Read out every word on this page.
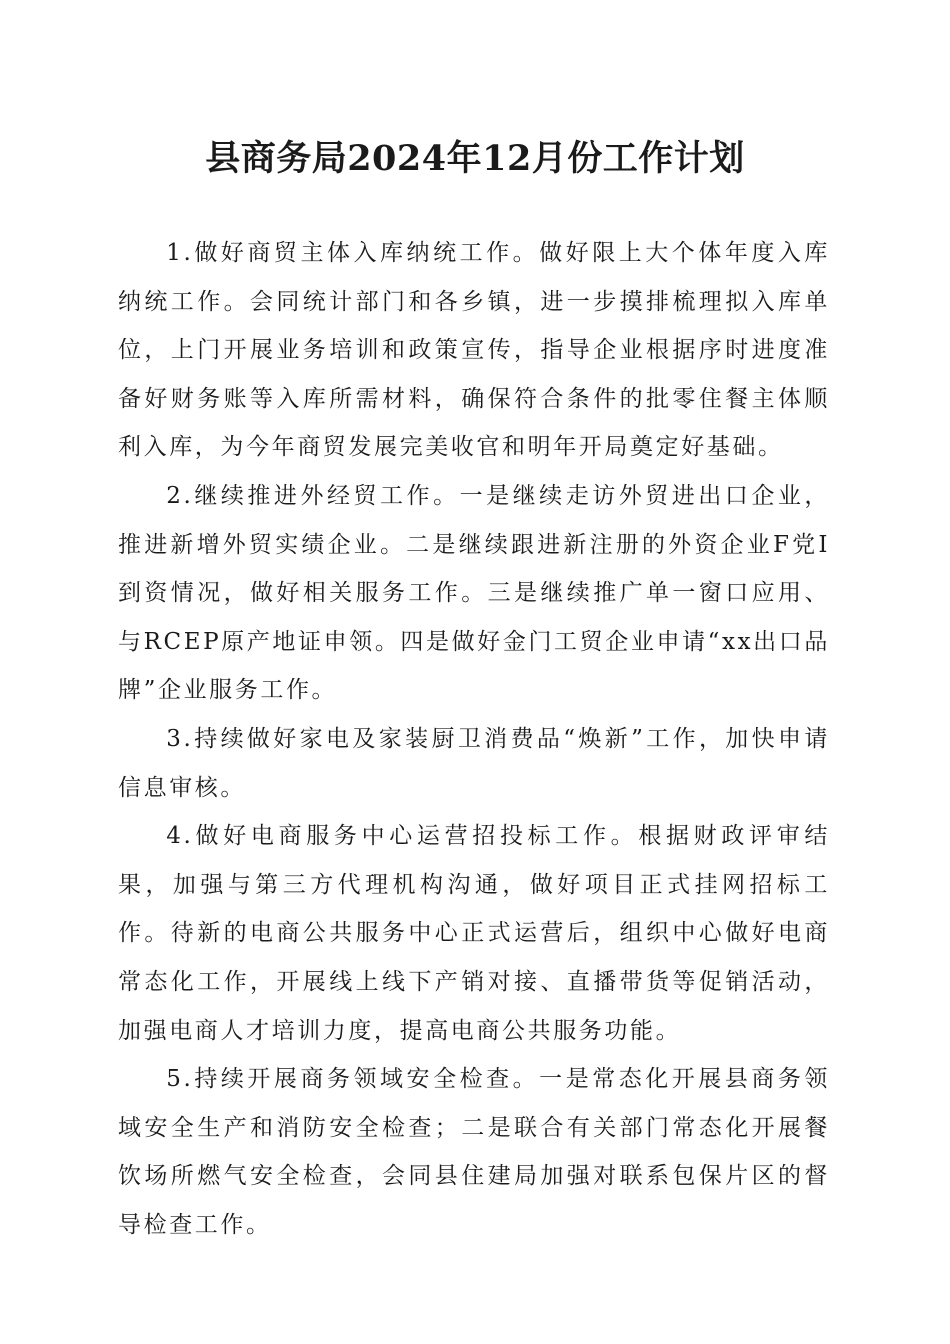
县商务局2024年12月份工作计划

1.做好商贸主体入库纳统工作。做好限上大个体年度入库纳统工作。会同统计部门和各乡镇，进一步摸排梳理拟入库单位，上门开展业务培训和政策宣传，指导企业根据序时进度准备好财务账等入库所需材料，确保符合条件的批零住餐主体顺利入库，为今年商贸发展完美收官和明年开局奠定好基础。

2.继续推进外经贸工作。一是继续走访外贸进出口企业，推进新增外贸实绩企业。二是继续跟进新注册的外资企业F党I到资情况，做好相关服务工作。三是继续推广单一窗口应用、与RCEP原产地证申领。四是做好金门工贸企业申请“xx出口品牌”企业服务工作。

3.持续做好家电及家装厨卫消费品“焕新”工作，加快申请信息审核。

4.做好电商服务中心运营招投标工作。根据财政评审结果，加强与第三方代理机构沟通，做好项目正式挂网招标工作。待新的电商公共服务中心正式运营后，组织中心做好电商常态化工作，开展线上线下产销对接、直播带货等促销活动，加强电商人才培训力度，提高电商公共服务功能。

5.持续开展商务领域安全检查。一是常态化开展县商务领域安全生产和消防安全检查；二是联合有关部门常态化开展餐饮场所燃气安全检查，会同县住建局加强对联系包保片区的督导检查工作。
